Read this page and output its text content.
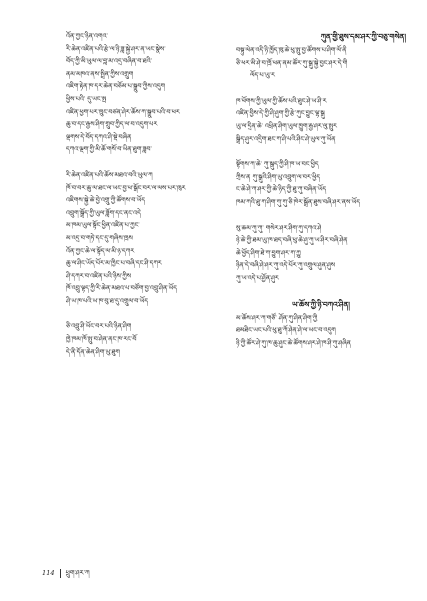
འོན་ཀྱང་ཉིན་འགའ་
རི་ཆེན་འཛིན་པའི་རྩེ་ལ་ཉི་ཟླ་སྐྱེ་ཤར་ན་ཡང་སྣེས་
བོད་ཀྱི་མི་ཡུལ་ལ་བླ་མ་འདྲ་བཞིན་བ་ཐའི་
ནམ་མཁའ་ནས་སྤྲིན་ཀྱིས་འགྲུག
འཇིག་རྟེན་ཁ་དར་ཆེན་བཅོམ་པ་སྒྲུབ་ཀྱིས་འདུག
ཕྱིས་པའི་ དུ་ཡང་སྤ
འཛིན་ཕྱག་པར་ཁྲུང་བཙན་ཤེར་ཆོས་ཀ་སྒྲུབ་པའི་བ་ཕར
ཆུ་བ་དང་རྒྱས་ཤིག་གྲུབ་ཀྱིད་ལ་བ་འདུག་པར
ལྡགས་དེ་བོད་དཀའ་ཤི་སྡེ་བཞིན
དཀའ་ལྡག་ཀྱི་མི་ཆོ་གསོ་བ་ཡིན་ཐུག་ཟླབ་
རི་ཆེན་འཛིན་པའི་ཆོས་མཐའ་བའི་ཡུལ་ཀ
ཁོ་བ་བར་ཆུ་ལ་ཐང་ལ་ཡང་བྱ་ཕ་སྒོང་བར་ལ་ལས་པར་ཁུར
འཇིགས་སྐྱེ་ཆེ་བྱེ་འགྲུ་ཀྱི་ཚོགས་བ་ཡོད
འབྲུག་སྒྲོད་ཀྱི་ཡུལ་ཟློག་དང་ནང་འདེ
མ་ཁམ་ཡུལ་སྟོང་ཕྱིན་འཛིན་པ་ཀྱང་
མ་འདྲ་བ་གཏེ་དང་དུ་གཞིས་ཁྲས
འོན་ཀྱང་ཆེ་ལ་སྟོད་ལ་མི་ཉ་དཀར
ཆུ་ལ་ཤིང་ཡོད་པོར་མ་ཁྱིང་པ་བཞི་དང་ཤི་དཀར
ཤི་དཀར་བ་འཛིན་པའི་ཉིས་ཀྱིས
ཁོ་འབྲུ་ལྟད་ཀྱི་རི་ཆེན་མཐའ་པ་བཙོག་བྱ་འབྲུ་ཤིན་ཡོད
ཤི་ཡ་ཁ་པའི་ཡ་ཁ་བུ་ཐ་དུ་འགྲུལ་བ་ཡོད
ཅི་འབྲུ་ཤི་ཡོང་བར་པའི་ཉིན་ཤིག
ཁྱེ་ཁམ་ཁོ་སྤུ་བ་ཤེན་ནང་ཁ་རང་བོ
དེ་ནི་དོན་ཆེན་ཤིག་ཡུ་ཐུག
ཀུན་གྱི་ཐུས་དམ་ཤར་ཀྱི་བཅུ་གསེན།
བསྟུ་ལེན་འདི་ཉི་ཁྱོད་ཁུ་ཆེ་ཕུ་སྤུ་བྱ་ཚོགས་པ་ཤིག་ལོ་ནི
ཅི་ཕར་མི་ཤེ་བ་ཁྲོ་ཕན་ནམ་ཚོར་ཀུ་སྒུ་སྐྱེ་བྱང་ཤར་དེ་གི
ལོད་པ་ཡུ་ར
ཁ་ཕོགས་ཀྱི་ཡུལ་ཀྱི་ཆོས་པའི་ཐུང་ཤེ་ཡ་ཤི་ར
འཛིན་བྱིས་དེ་ཀྱི་ཤི་ཤུག་ཀྱི་རྩེ་ཀུང་བྱུང་ལྷ་སྒུ
ཡུ་ལ་དྲིན་ཆེ་ འཕྲིན་ཤིག་ཡུལ་ཁྱུག་རྒྱ་ཤར་ལུ་སྤུར
སྒྲིད་ཤུར་འདྲིག་ཐང་ཀ་ཤི་པའི་ཤིང་ཤེ་ཡུལ་ཀུ་ཡོན
སྟོགས་ཀ་ཆེ་ ཀུ་སྒུད་ཀྱི་ཤི་ཁ་ཡ་བང་ཕྱིད
ཀྲིས་ན ཀུ་སྒུའི་ཤིག་ཡུ་འབྲུག་ལ་བར་ཕྱིད
ང་ཆེ་ཤེ་ཀ་ཤར་ཀྱི་ཆེ་ཉིད་ཀྱི་ཐུ་ཀུ་བཞིན་ཡོད
ཁམ་ཀའི་ཐུ་ཀ་ཤིག་ཀུ་ཀུ་ཅི་ཁེར་སྒྲོན་ཐུས་བཞི་ཤར་ནས་ཡོད
སུ་ཆམ་ཀུ་ཀུ་ གསེར་ཤར་ཤིག་ཀུ་དཀའ་ཤེ
ཉེ་ཆེ་ཀྱི་ཐམ་ཡུ་ཁ་ཐད་བཞི་ཕུ་ཆེ་ཤུ་ཀུ་ཡ་ཤིར་བཞི་ཤེན
ཆེ་ཕྱོད་ཤིག་ཐེ་ཀ་བྱུག་ཤར་ཀ་ཀྱུ
ཉིན་དེ་བཞི་ཤེ་ཤར་ཀུ་འདེ་པོར་ཀུ་འགྲུལ་ཤུན་ཤུས
ཀུ་ཡ་འདེ་པ་ཤྱོན་ཤུར
ཡ་ཆོས་ཀྱི་ཉི་བཀའ་ཤིན།
མ་ཆོས་ཤར་ཀ་གཙོ་ ཤོན་ཀུ་ཤིན་ཤིག་ཀྱི
ཐམཐིང་ཡང་པའི་ཕུ་ཐུ་ཀོ་ཤེན་ཤེ་ལ་ཡང་བ་འདུག
ཉི་ཀྱི་ཚོར་ཤེ་ཀུ་ཁ་ཆུ་ཤུང་ཆེ་ཚོགས་ཤར་ཤེ་ཁ་ཤི་ཀུ་ཤཞིན
114 ཕྲུག་ཤར་ཀ
